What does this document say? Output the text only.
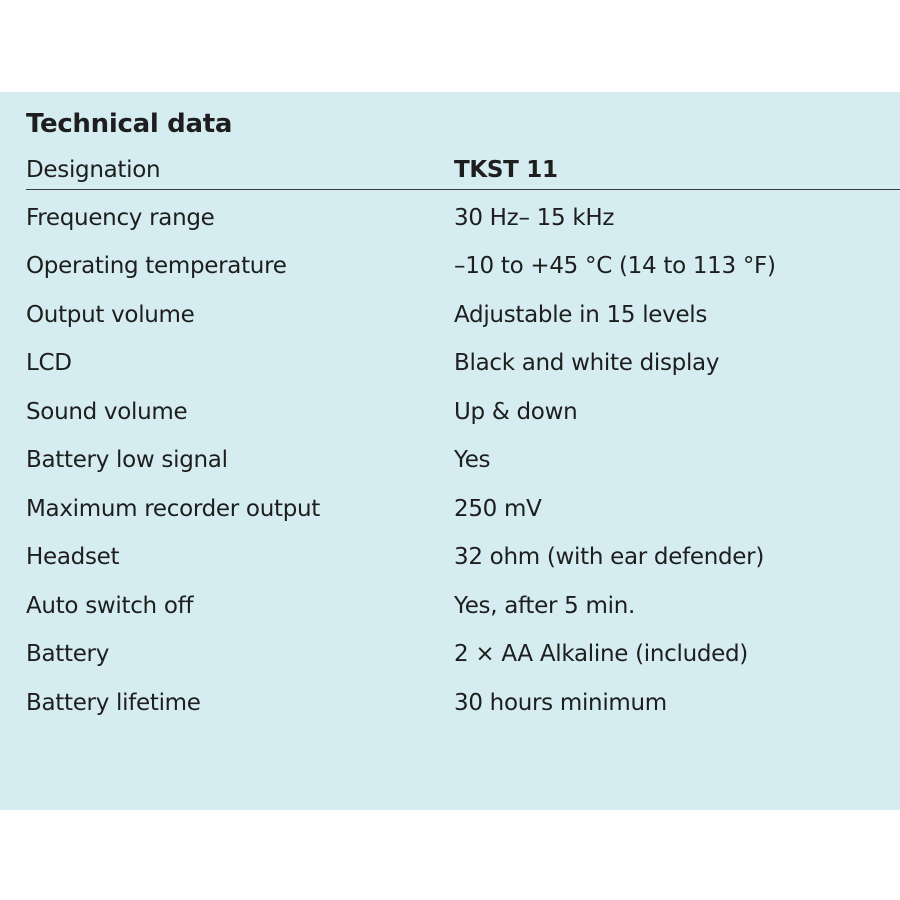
Technical data
Designation	TKST 11
Frequency range	30 Hz– 15 kHz
Operating temperature	–10 to +45 °C (14 to 113 °F)
Output volume	Adjustable in 15 levels
LCD	Black and white display
Sound volume	Up & down
Battery low signal	Yes
Maximum recorder output	250 mV
Headset	32 ohm (with ear defender)
Auto switch off	Yes, after 5 min.
Battery	2 × AA Alkaline (included)
Battery lifetime	30 hours minimum
